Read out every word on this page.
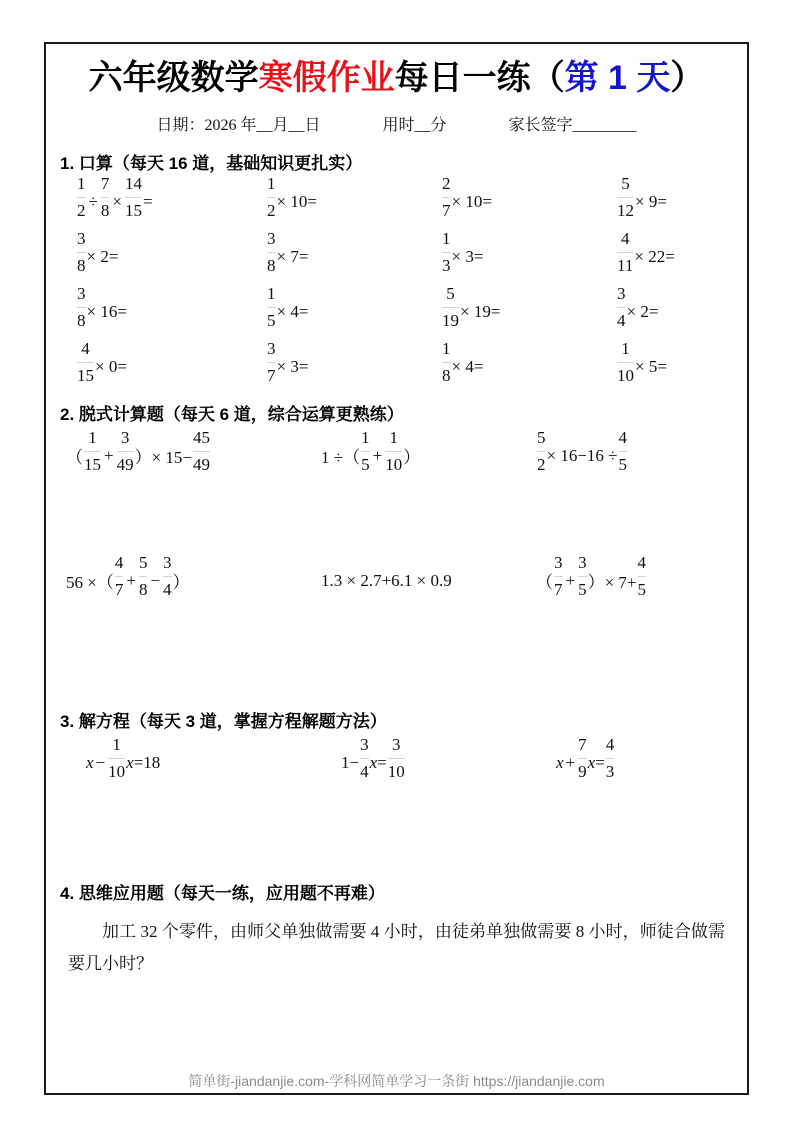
六年级数学寒假作业每日一练（第 1 天）
日期：2026 年__月__日	用时__分	家长签字________
1. 口算（每天 16 道，基础知识更扎实）
$\frac{1}{2} \div \frac{7}{8} \times \frac{14}{15}$ =	$\frac{1}{2} \times 10=$	$\frac{2}{7} \times 10=$	$\frac{5}{12} \times 9=$
$\frac{3}{8} \times 2=$	$\frac{3}{8} \times 7=$	$\frac{1}{3} \times 3=$	$\frac{4}{11} \times 22=$
$\frac{3}{8} \times 16=$	$\frac{1}{5} \times 4=$	$\frac{5}{19} \times 19=$	$\frac{3}{4} \times 2=$
$\frac{4}{15} \times 0=$	$\frac{3}{7} \times 3=$	$\frac{1}{8} \times 4=$	$\frac{1}{10} \times 5=$
2. 脱式计算题（每天 6 道，综合运算更熟练）
（ $\frac{1}{15} + \frac{3}{49}$ ）× $15- \frac{45}{49}$	1 ÷（ $\frac{1}{5} + \frac{1}{10}$ ）	$\frac{5}{2} \times 16-16 \div \frac{4}{5}$
56 ×（ $\frac{4}{7} + \frac{5}{8} - \frac{3}{4}$ ）	1.3 × 2.7+6.1 × 0.9	（ $\frac{3}{7} + \frac{3}{5}$ ）× $7+ \frac{4}{5}$
3. 解方程（每天 3 道，掌握方程解题方法）
$x - \frac{1}{10}$ x =18	$1- \frac{3}{4}$ $x = \frac{3}{10}$	$x + \frac{7}{9}$ $x = \frac{4}{3}$
4. 思维应用题（每天一练，应用题不再难）
加工 32 个零件，由师父单独做需要 4 小时，由徒弟单独做需要 8 小时，师徒合做需要几小时？
简单街-jiandanjie.com-学科网简单学习一条街 https://jiandanjie.com
